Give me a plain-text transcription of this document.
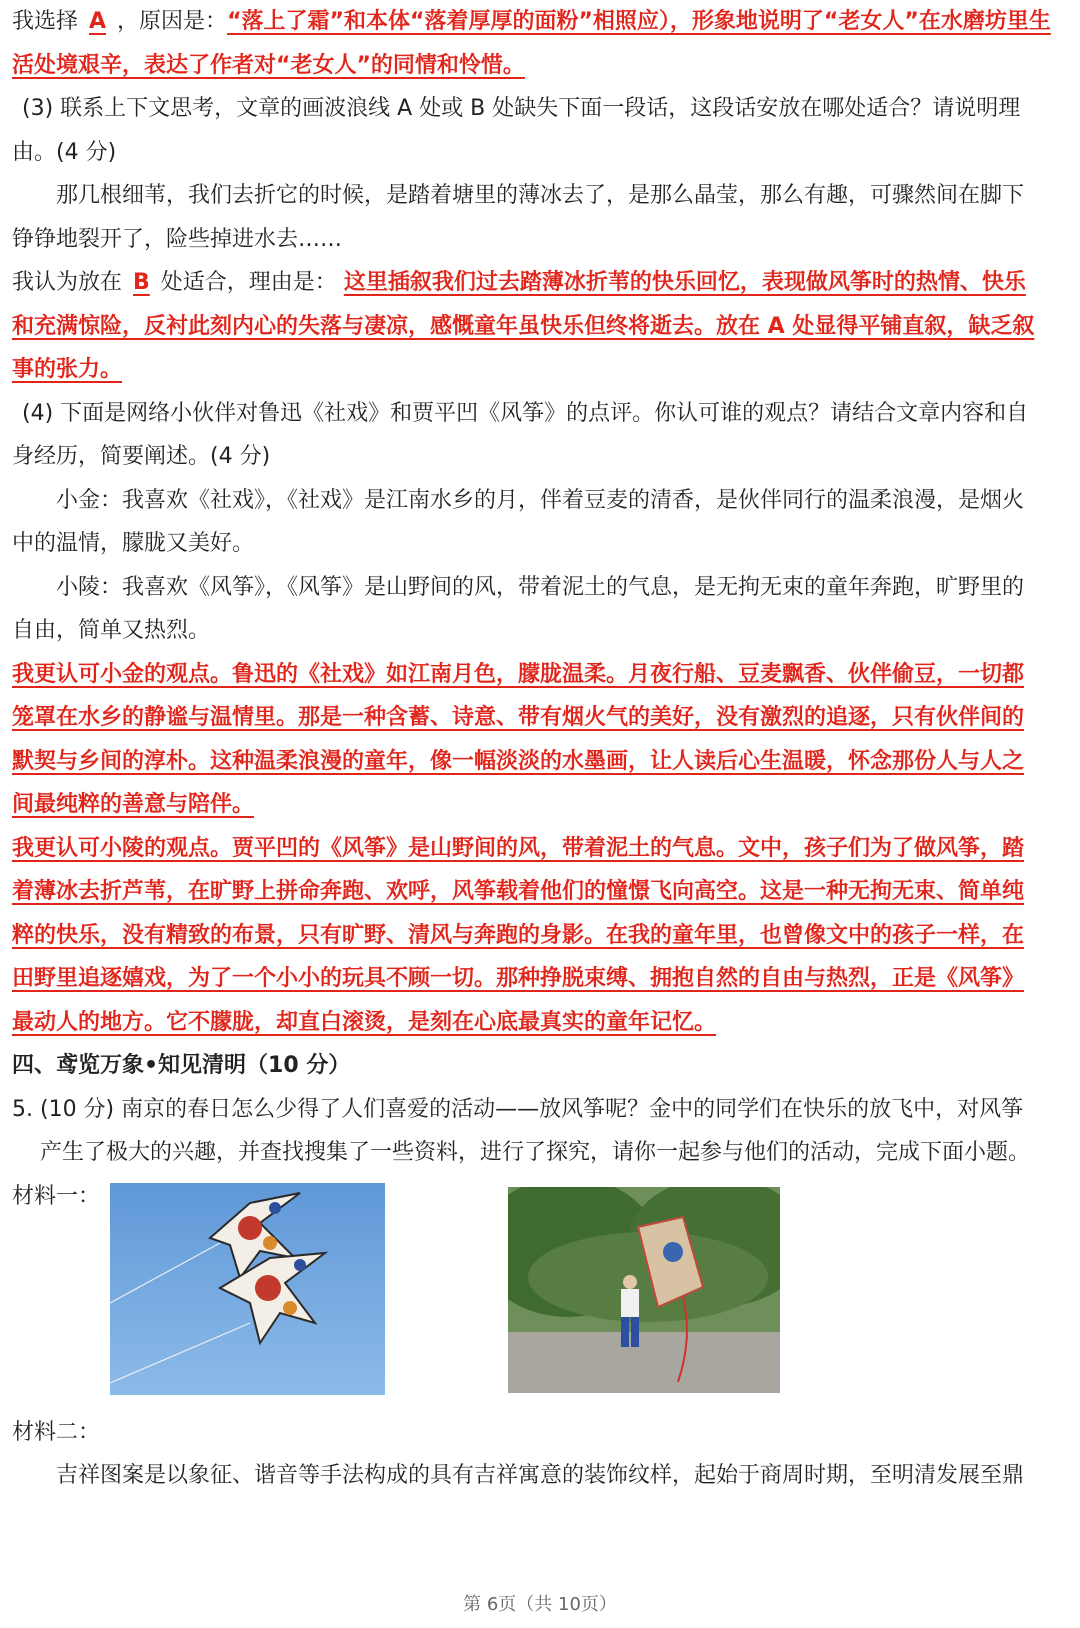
我选择 A ，原因是：“落上了霜”和本体“落着厚厚的面粉”相照应），形象地说明了“老女人”在水磨坊里生
活处境艰辛，表达了作者对“老女人”的同情和怜惜。
(3) 联系上下文思考，文章的画波浪线 A 处或 B 处缺失下面一段话，这段话安放在哪处适合？请说明理
由。(4 分)
那几根细苇，我们去折它的时候，是踏着塘里的薄冰去了，是那么晶莹，那么有趣，可骤然间在脚下
铮铮地裂开了，险些掉进水去……
我认为放在 B 处适合，理由是： 这里插叙我们过去踏薄冰折苇的快乐回忆，表现做风筝时的热情、快乐
和充满惊险，反衬此刻内心的失落与凄凉，感慨童年虽快乐但终将逝去。放在 A 处显得平铺直叙，缺乏叙
事的张力。
(4) 下面是网络小伙伴对鲁迅《社戏》和贾平凹《风筝》的点评。你认可谁的观点？请结合文章内容和自
身经历，简要阐述。(4 分)
小金：我喜欢《社戏》，《社戏》是江南水乡的月，伴着豆麦的清香，是伙伴同行的温柔浪漫，是烟火
中的温情，朦胧又美好。
小陵：我喜欢《风筝》，《风筝》是山野间的风，带着泥土的气息，是无拘无束的童年奔跑，旷野里的
自由，简单又热烈。
我更认可小金的观点。鲁迅的《社戏》如江南月色，朦胧温柔。月夜行船、豆麦飘香、伙伴偷豆，一切都
笼罩在水乡的静谧与温情里。那是一种含蓄、诗意、带有烟火气的美好，没有激烈的追逐，只有伙伴间的
默契与乡间的淳朴。这种温柔浪漫的童年，像一幅淡淡的水墨画，让人读后心生温暖，怀念那份人与人之
间最纯粹的善意与陪伴。
我更认可小陵的观点。贾平凹的《风筝》是山野间的风，带着泥土的气息。文中，孩子们为了做风筝，踏
着薄冰去折芦苇，在旷野上拼命奔跑、欢呼，风筝载着他们的憧憬飞向高空。这是一种无拘无束、简单纯
粹的快乐，没有精致的布景，只有旷野、清风与奔跑的身影。在我的童年里，也曾像文中的孩子一样，在
田野里追逐嬉戏，为了一个小小的玩具不顾一切。那种挣脱束缚、拥抱自然的自由与热烈，正是《风筝》
最动人的地方。它不朦胧，却直白滚烫，是刻在心底最真实的童年记忆。
四、鸢览万象•知见清明（10 分）
5. (10 分) 南京的春日怎么少得了人们喜爱的活动——放风筝呢？金中的同学们在快乐的放飞中，对风筝
产生了极大的兴趣，并查找搜集了一些资料，进行了探究，请你一起参与他们的活动，完成下面小题。
材料一：
材料二：
吉祥图案是以象征、谐音等手法构成的具有吉祥寓意的装饰纹样，起始于商周时期，至明清发展至鼎
第 6页（共 10页）
